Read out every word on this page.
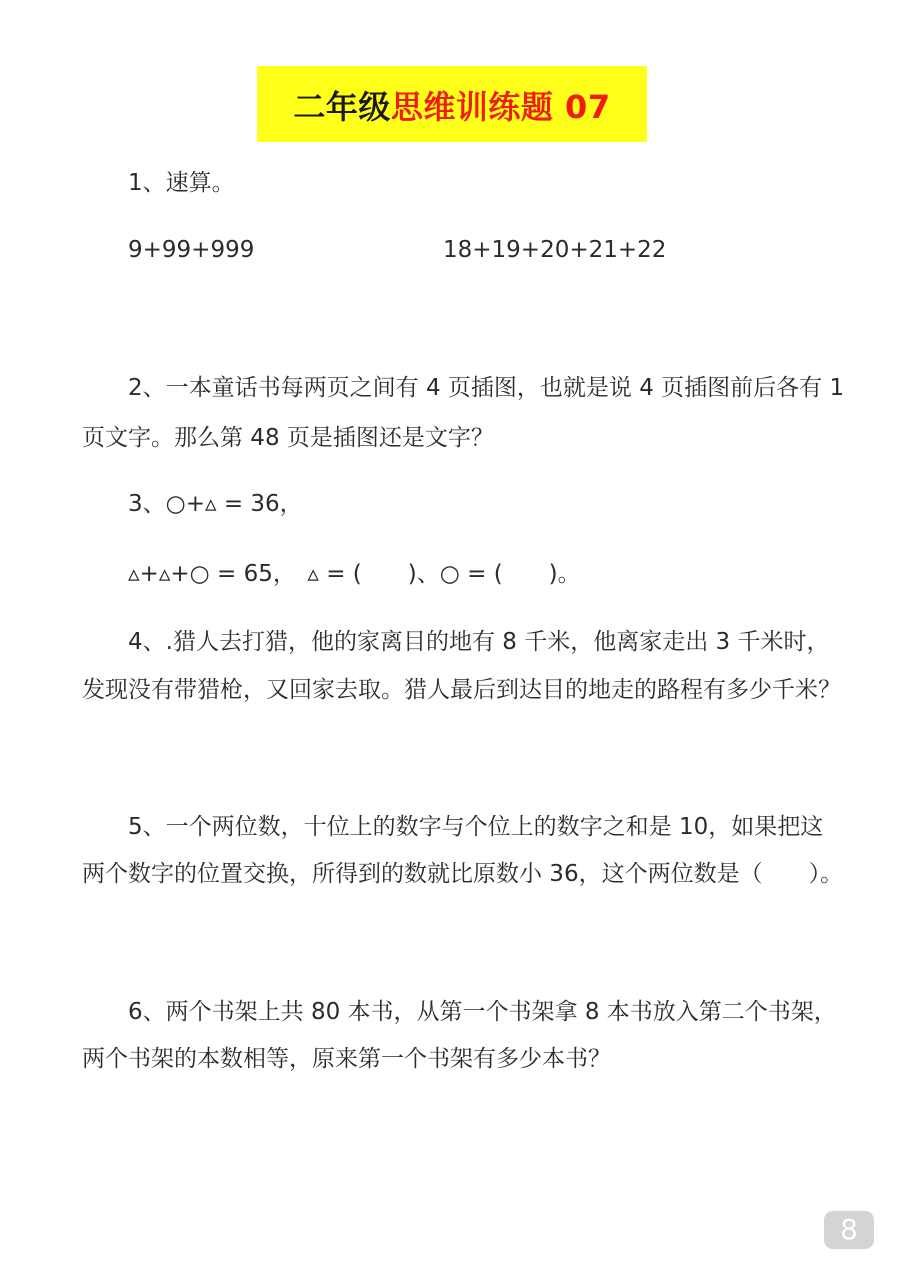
二年级思维训练题 07
1、速算。
9+99+999	18+19+20+21+22
2、一本童话书每两页之间有 4 页插图，也就是说 4 页插图前后各有 1
页文字。那么第 48 页是插图还是文字？
3、○+▵ = 36，
▵+▵+○ = 65，　▵ = (　　)、○ = (　　)。
4、.猎人去打猎，他的家离目的地有 8 千米，他离家走出 3 千米时，
发现没有带猎枪，又回家去取。猎人最后到达目的地走的路程有多少千米？
5、一个两位数，十位上的数字与个位上的数字之和是 10，如果把这
两个数字的位置交换，所得到的数就比原数小 36，这个两位数是（　　）。
6、两个书架上共 80 本书，从第一个书架拿 8 本书放入第二个书架，
两个书架的本数相等，原来第一个书架有多少本书？
8
